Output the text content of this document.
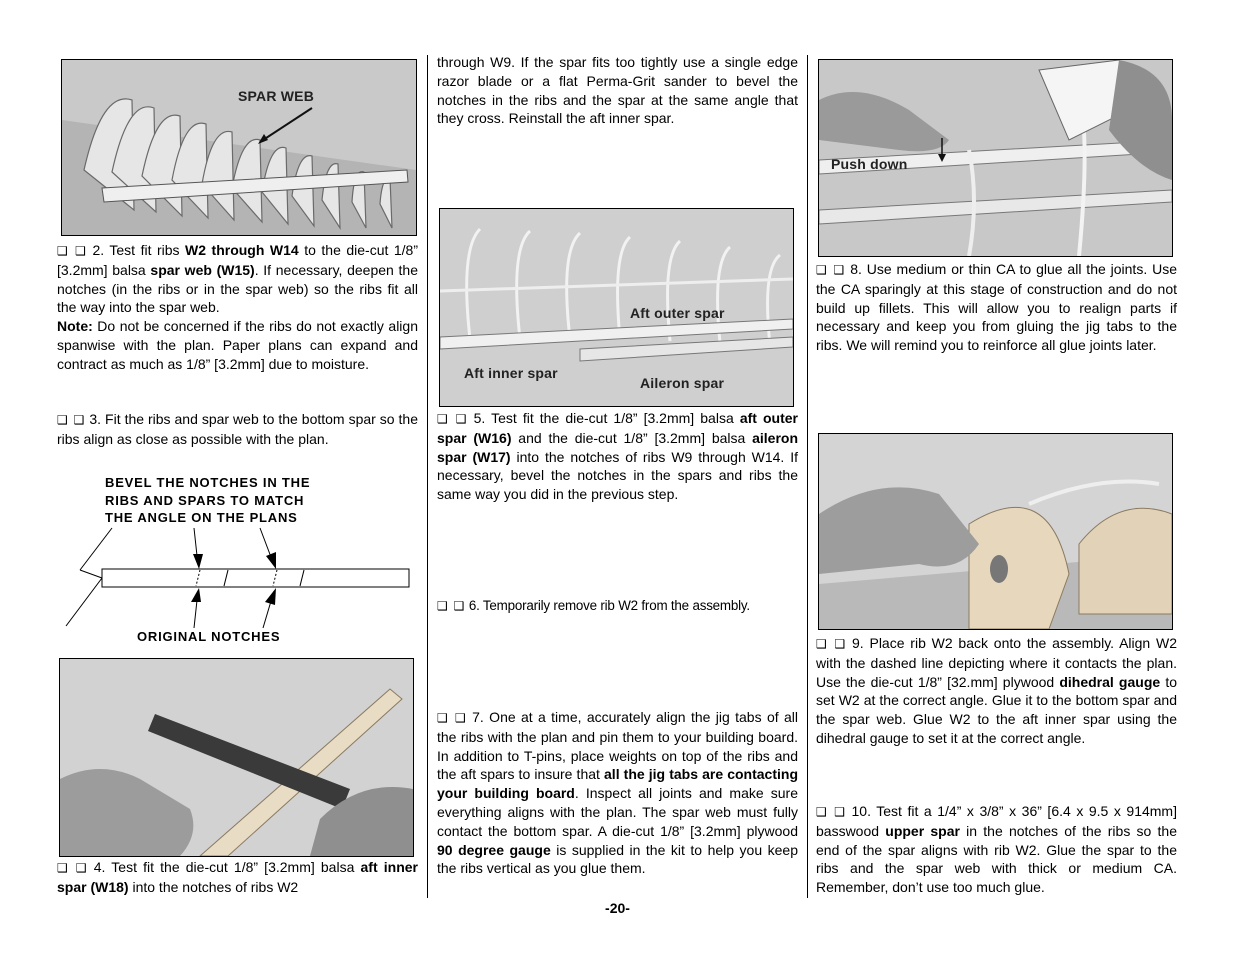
SPAR WEB

❑ ❑ 2. Test fit ribs W2 through W14 to the die-cut 1/8” [3.2mm] balsa spar web (W15). If necessary, deepen the notches (in the ribs or in the spar web) so the ribs fit all the way into the spar web.
Note: Do not be concerned if the ribs do not exactly align spanwise with the plan. Paper plans can expand and contract as much as 1/8” [3.2mm] due to moisture.

❑ ❑ 3. Fit the ribs and spar web to the bottom spar so the ribs align as close as possible with the plan.

BEVEL THE NOTCHES IN THE
RIBS AND SPARS TO MATCH
THE ANGLE ON THE PLANS
ORIGINAL NOTCHES

❑ ❑ 4. Test fit the die-cut 1/8” [3.2mm] balsa aft inner spar (W18) into the notches of ribs W2

through W9. If the spar fits too tightly use a single edge razor blade or a flat Perma-Grit sander to bevel the notches in the ribs and the spar at the same angle that they cross. Reinstall the aft inner spar.

Aft outer spar
Aft inner spar
Aileron spar

❑ ❑ 5. Test fit the die-cut 1/8” [3.2mm] balsa aft outer spar (W16) and the die-cut 1/8” [3.2mm] balsa aileron spar (W17) into the notches of ribs W9 through W14. If necessary, bevel the notches in the spars and ribs the same way you did in the previous step.

❑ ❑ 6. Temporarily remove rib W2 from the assembly.

❑ ❑ 7. One at a time, accurately align the jig tabs of all the ribs with the plan and pin them to your building board. In addition to T-pins, place weights on top of the ribs and the aft spars to insure that all the jig tabs are contacting your building board. Inspect all joints and make sure everything aligns with the plan. The spar web must fully contact the bottom spar. A die-cut 1/8” [3.2mm] plywood 90 degree gauge is supplied in the kit to help you keep the ribs vertical as you glue them.

Push down

❑ ❑ 8. Use medium or thin CA to glue all the joints. Use the CA sparingly at this stage of construction and do not build up fillets. This will allow you to realign parts if necessary and keep you from gluing the jig tabs to the ribs. We will remind you to reinforce all glue joints later.

❑ ❑ 9. Place rib W2 back onto the assembly. Align W2 with the dashed line depicting where it contacts the plan. Use the die-cut 1/8” [32.mm] plywood dihedral gauge to set W2 at the correct angle. Glue it to the bottom spar and the spar web. Glue W2 to the aft inner spar using the dihedral gauge to set it at the correct angle.

❑ ❑ 10. Test fit a 1/4” x 3/8” x 36” [6.4 x 9.5 x 914mm] basswood upper spar in the notches of the ribs so the end of the spar aligns with rib W2. Glue the spar to the ribs and the spar web with thick or medium CA. Remember, don’t use too much glue.

-20-
